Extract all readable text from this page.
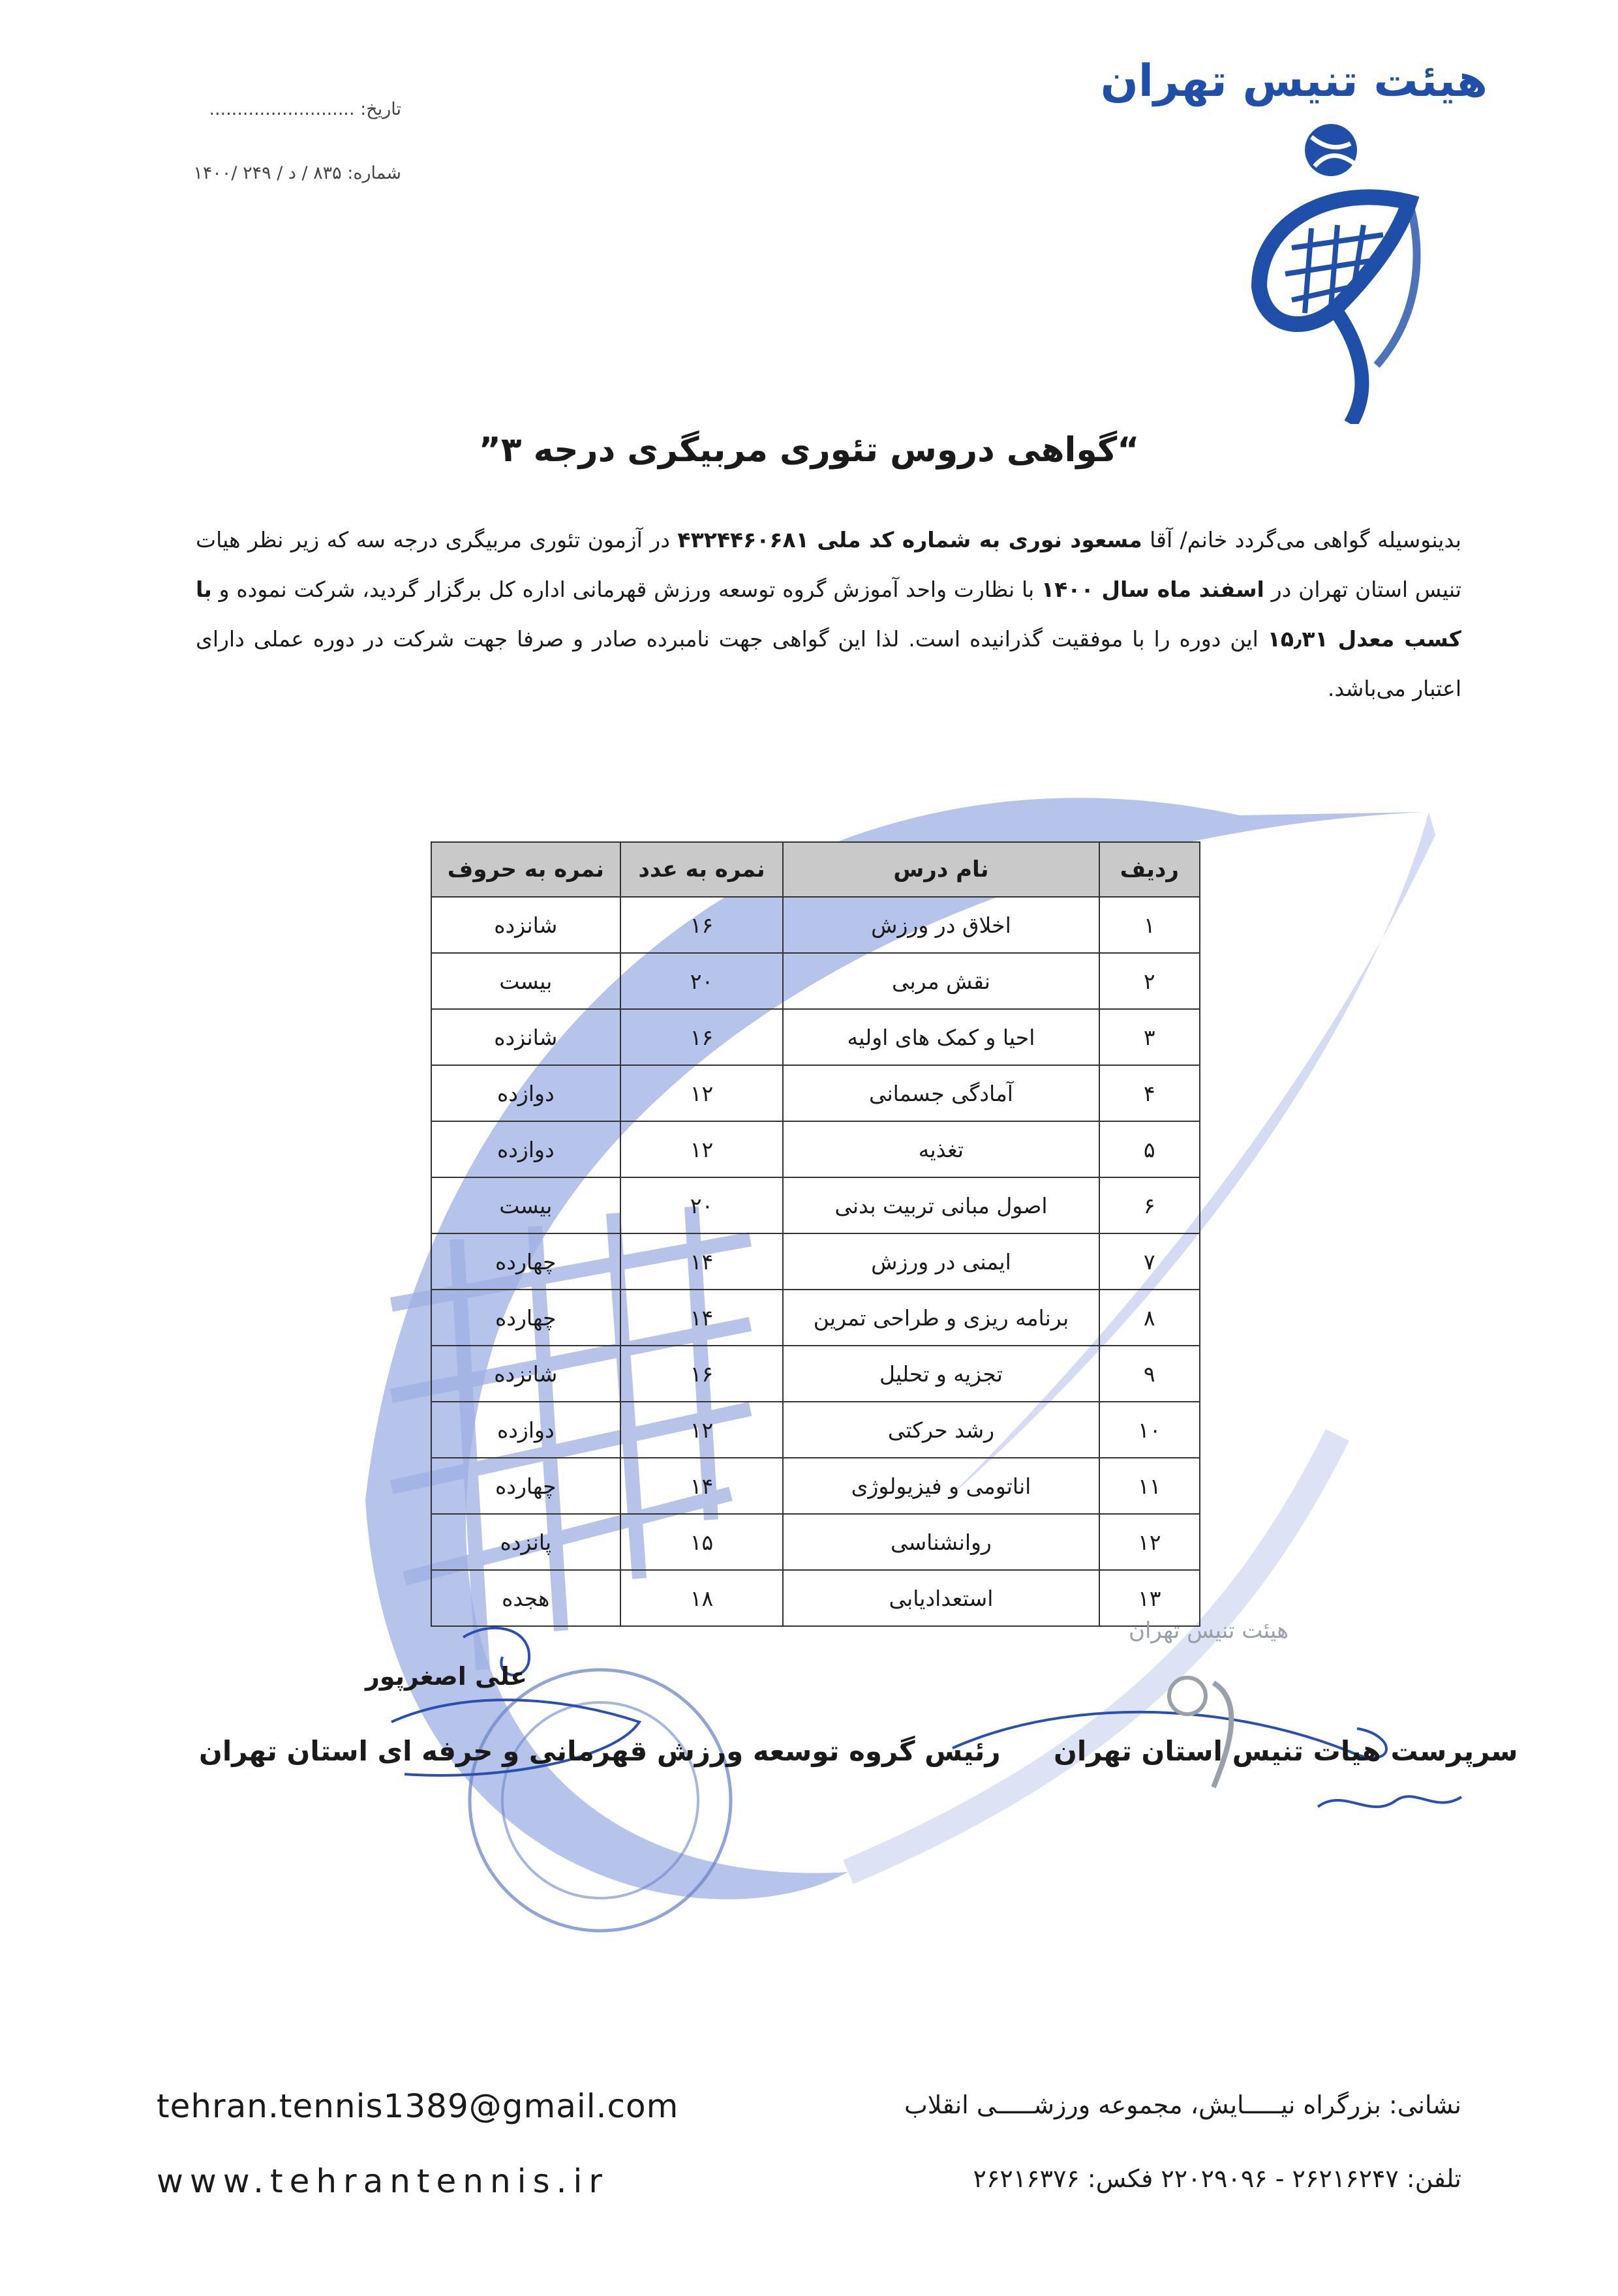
هیئت تنیس تهران
تاریخ: ..........................
شماره: ۸۳۵ / د / ۲۴۹ /۱۴۰۰
“گواهی دروس تئوری مربیگری درجه ۳”
بدینوسیله گواهی می‌گردد خانم/ آقا مسعود نوری به شماره کد ملی ۴۳۲۴۴۶۰۶۸۱ در آزمون تئوری مربیگری درجه سه که زیر نظر هیات تنیس استان تهران در اسفند ماه سال ۱۴۰۰ با نظارت واحد آموزش گروه توسعه ورزش قهرمانی اداره کل برگزار گردید، شرکت نموده و با کسب معدل ۱۵٫۳۱ این دوره را با موفقیت گذرانیده است. لذا این گواهی جهت نامبرده صادر و صرفا جهت شرکت در دوره عملی دارای اعتبار می‌باشد.
ردیف	نام درس	نمره به عدد	نمره به حروف
۱	اخلاق در ورزش	۱۶	شانزده
۲	نقش مربی	۲۰	بیست
۳	احیا و کمک های اولیه	۱۶	شانزده
۴	آمادگی جسمانی	۱۲	دوازده
۵	تغذیه	۱۲	دوازده
۶	اصول مبانی تربیت بدنی	۲۰	بیست
۷	ایمنی در ورزش	۱۴	چهارده
۸	برنامه ریزی و طراحی تمرین	۱۴	چهارده
۹	تجزیه و تحلیل	۱۶	شانزده
۱۰	رشد حرکتی	۱۲	دوازده
۱۱	اناتومی و فیزیولوژی	۱۴	چهارده
۱۲	روانشناسی	۱۵	پانزده
۱۳	استعدادیابی	۱۸	هجده
هیئت تنیس تهران
علی اصغرپور
رئیس گروه توسعه ورزش قهرمانی و حرفه ای استان تهران سرپرست هیات تنیس استان تهران
tehran.tennis1389@gmail.com
www.tehrantennis.ir
نشانی: بزرگراه نیـــــایش، مجموعه ورزشـــــی انقلاب
تلفن: ۲۶۲۱۶۲۴۷ - ۲۲۰۲۹۰۹۶ فکس: ۲۶۲۱۶۳۷۶
